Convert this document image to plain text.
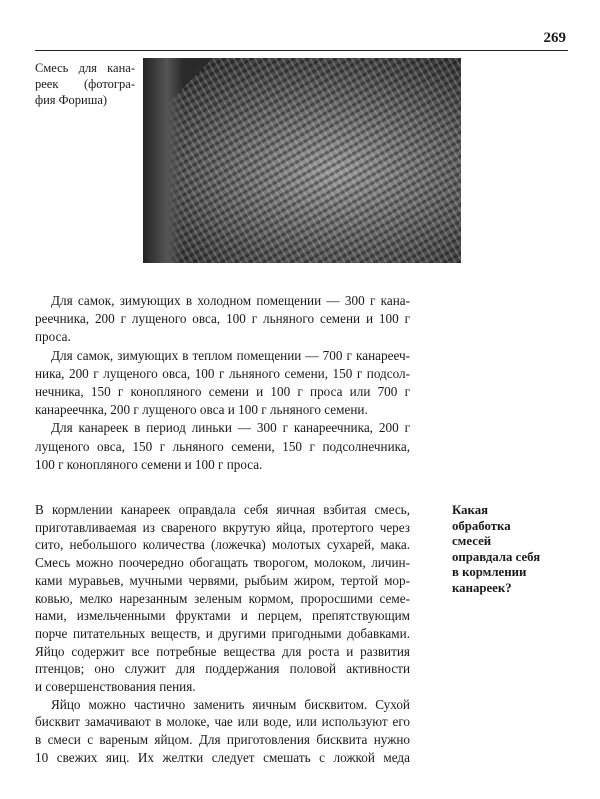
269
Смесь для кана-
реек (фотогра-
фия Фориша)
Для самок, зимующих в холодном помещении — 300 г кана-
реечника, 200 г лущеного овса, 100 г льняного семени и 100 г
проса.
Для самок, зимующих в теплом помещении — 700 г канарееч-
ника, 200 г лущеного овса, 100 г льняного семени, 150 г подсол-
нечника, 150 г конопляного семени и 100 г проса или 700 г
канареечнка, 200 г лущеного овса и 100 г льняного семени.
Для канареек в период линьки — 300 г канареечника, 200 г
лущеного овса, 150 г льняного семени, 150 г подсолнечника,
100 г конопляного семени и 100 г проса.
В кормлении канареек оправдала себя яичная взбитая смесь,
приготавливаемая из свареного вкрутую яйца, протертого через
сито, небольшого количества (ложечка) молотых сухарей, мака.
Смесь можно поочередно обогащать творогом, молоком, личин-
ками муравьев, мучными червями, рыбьим жиром, тертой мор-
ковью, мелко нарезанным зеленым кормом, проросшими семе-
нами, измельченными фруктами и перцем, препятствующим
порче питательных веществ, и другими пригодными добавками.
Яйцо содержит все потребные вещества для роста и развития
птенцов; оно служит для поддержания половой активности
и совершенствования пения.
Яйцо можно частично заменить яичным бисквитом. Сухой
бисквит замачивают в молоке, чае или воде, или используют его
в смеси с вареным яйцом. Для приготовления бисквита нужно
10 свежих яиц. Их желтки следует смешать с ложкой меда
Какая
обработка
смесей
оправдала себя
в кормлении
канареек?
